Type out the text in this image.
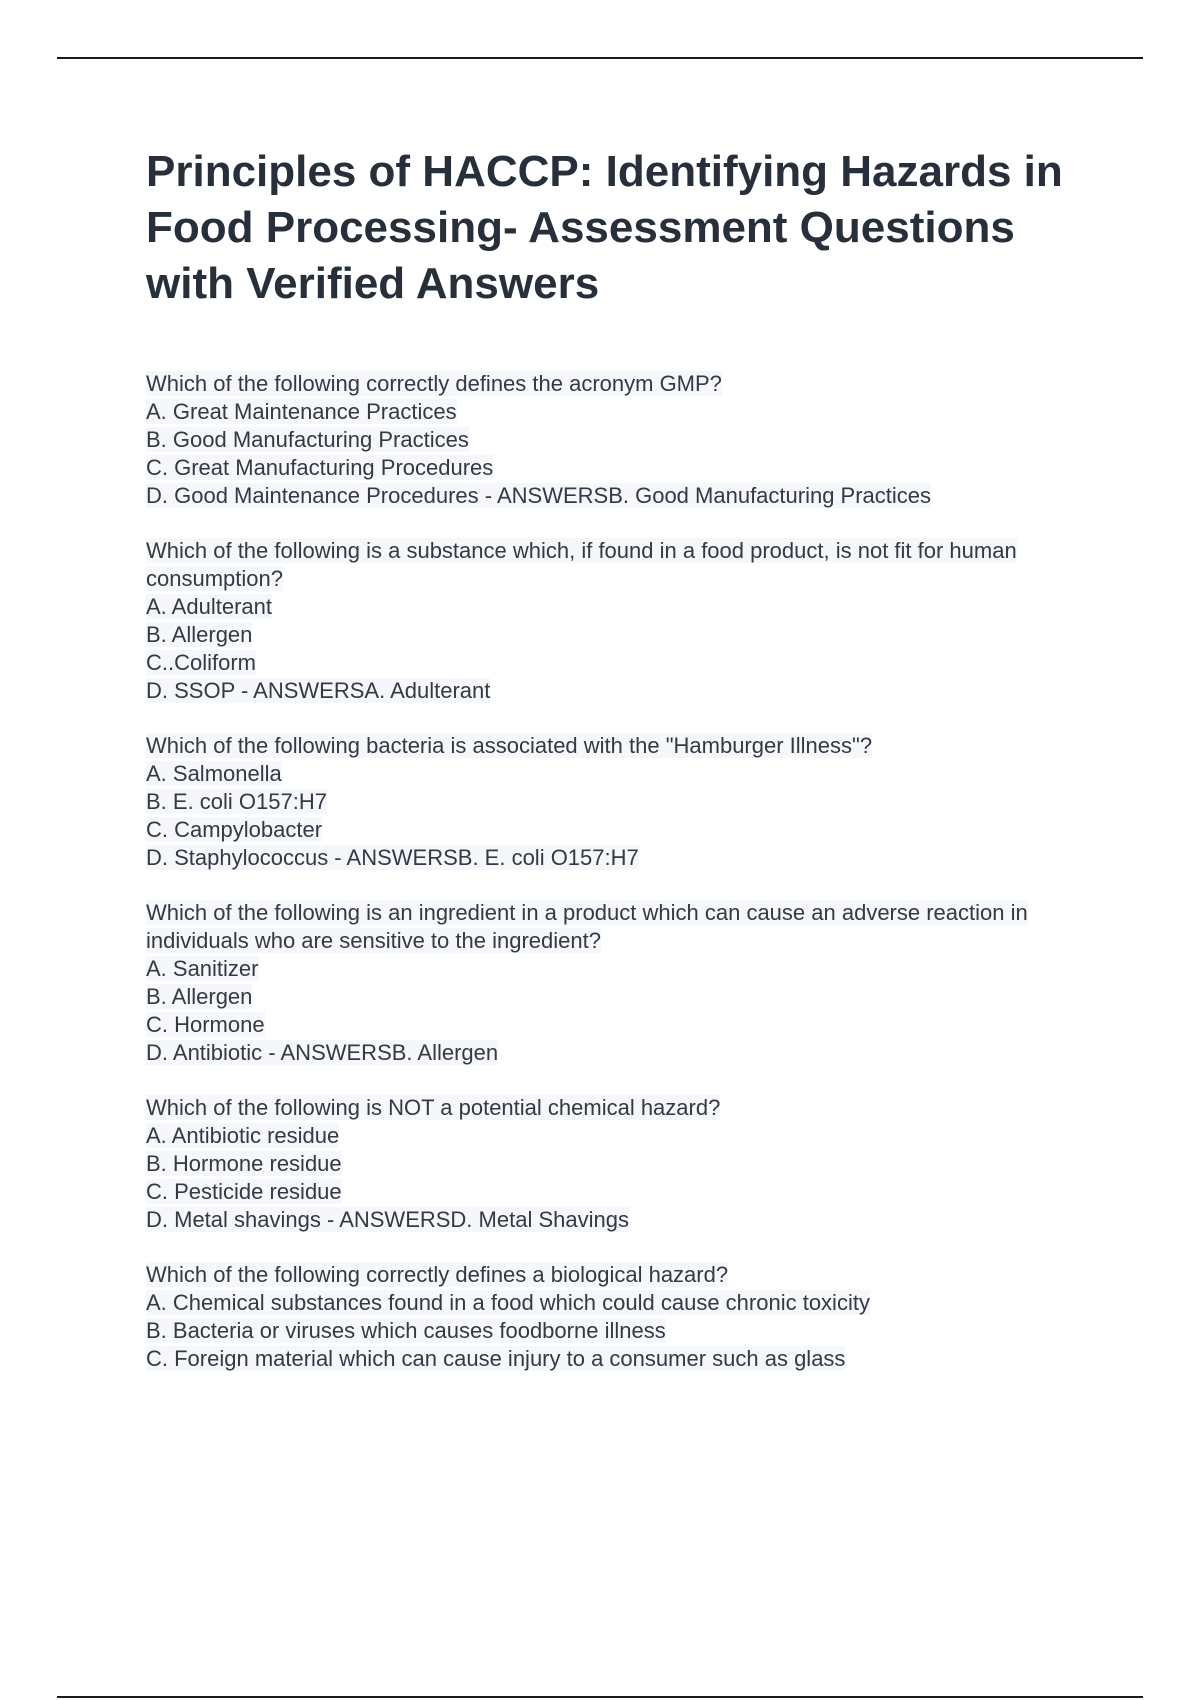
Principles of HACCP: Identifying Hazards in Food Processing- Assessment Questions with Verified Answers
Which of the following correctly defines the acronym GMP?
A. Great Maintenance Practices
B. Good Manufacturing Practices
C. Great Manufacturing Procedures
D. Good Maintenance Procedures - ANSWERSB. Good Manufacturing Practices
Which of the following is a substance which, if found in a food product, is not fit for human consumption?
A. Adulterant
B. Allergen
C..Coliform
D. SSOP - ANSWERSA. Adulterant
Which of the following bacteria is associated with the "Hamburger Illness"?
A. Salmonella
B. E. coli O157:H7
C. Campylobacter
D. Staphylococcus - ANSWERSB. E. coli O157:H7
Which of the following is an ingredient in a product which can cause an adverse reaction in individuals who are sensitive to the ingredient?
A. Sanitizer
B. Allergen
C. Hormone
D. Antibiotic - ANSWERSB. Allergen
Which of the following is NOT a potential chemical hazard?
A. Antibiotic residue
B. Hormone residue
C. Pesticide residue
D. Metal shavings - ANSWERSD. Metal Shavings
Which of the following correctly defines a biological hazard?
A. Chemical substances found in a food which could cause chronic toxicity
B. Bacteria or viruses which causes foodborne illness
C. Foreign material which can cause injury to a consumer such as glass
